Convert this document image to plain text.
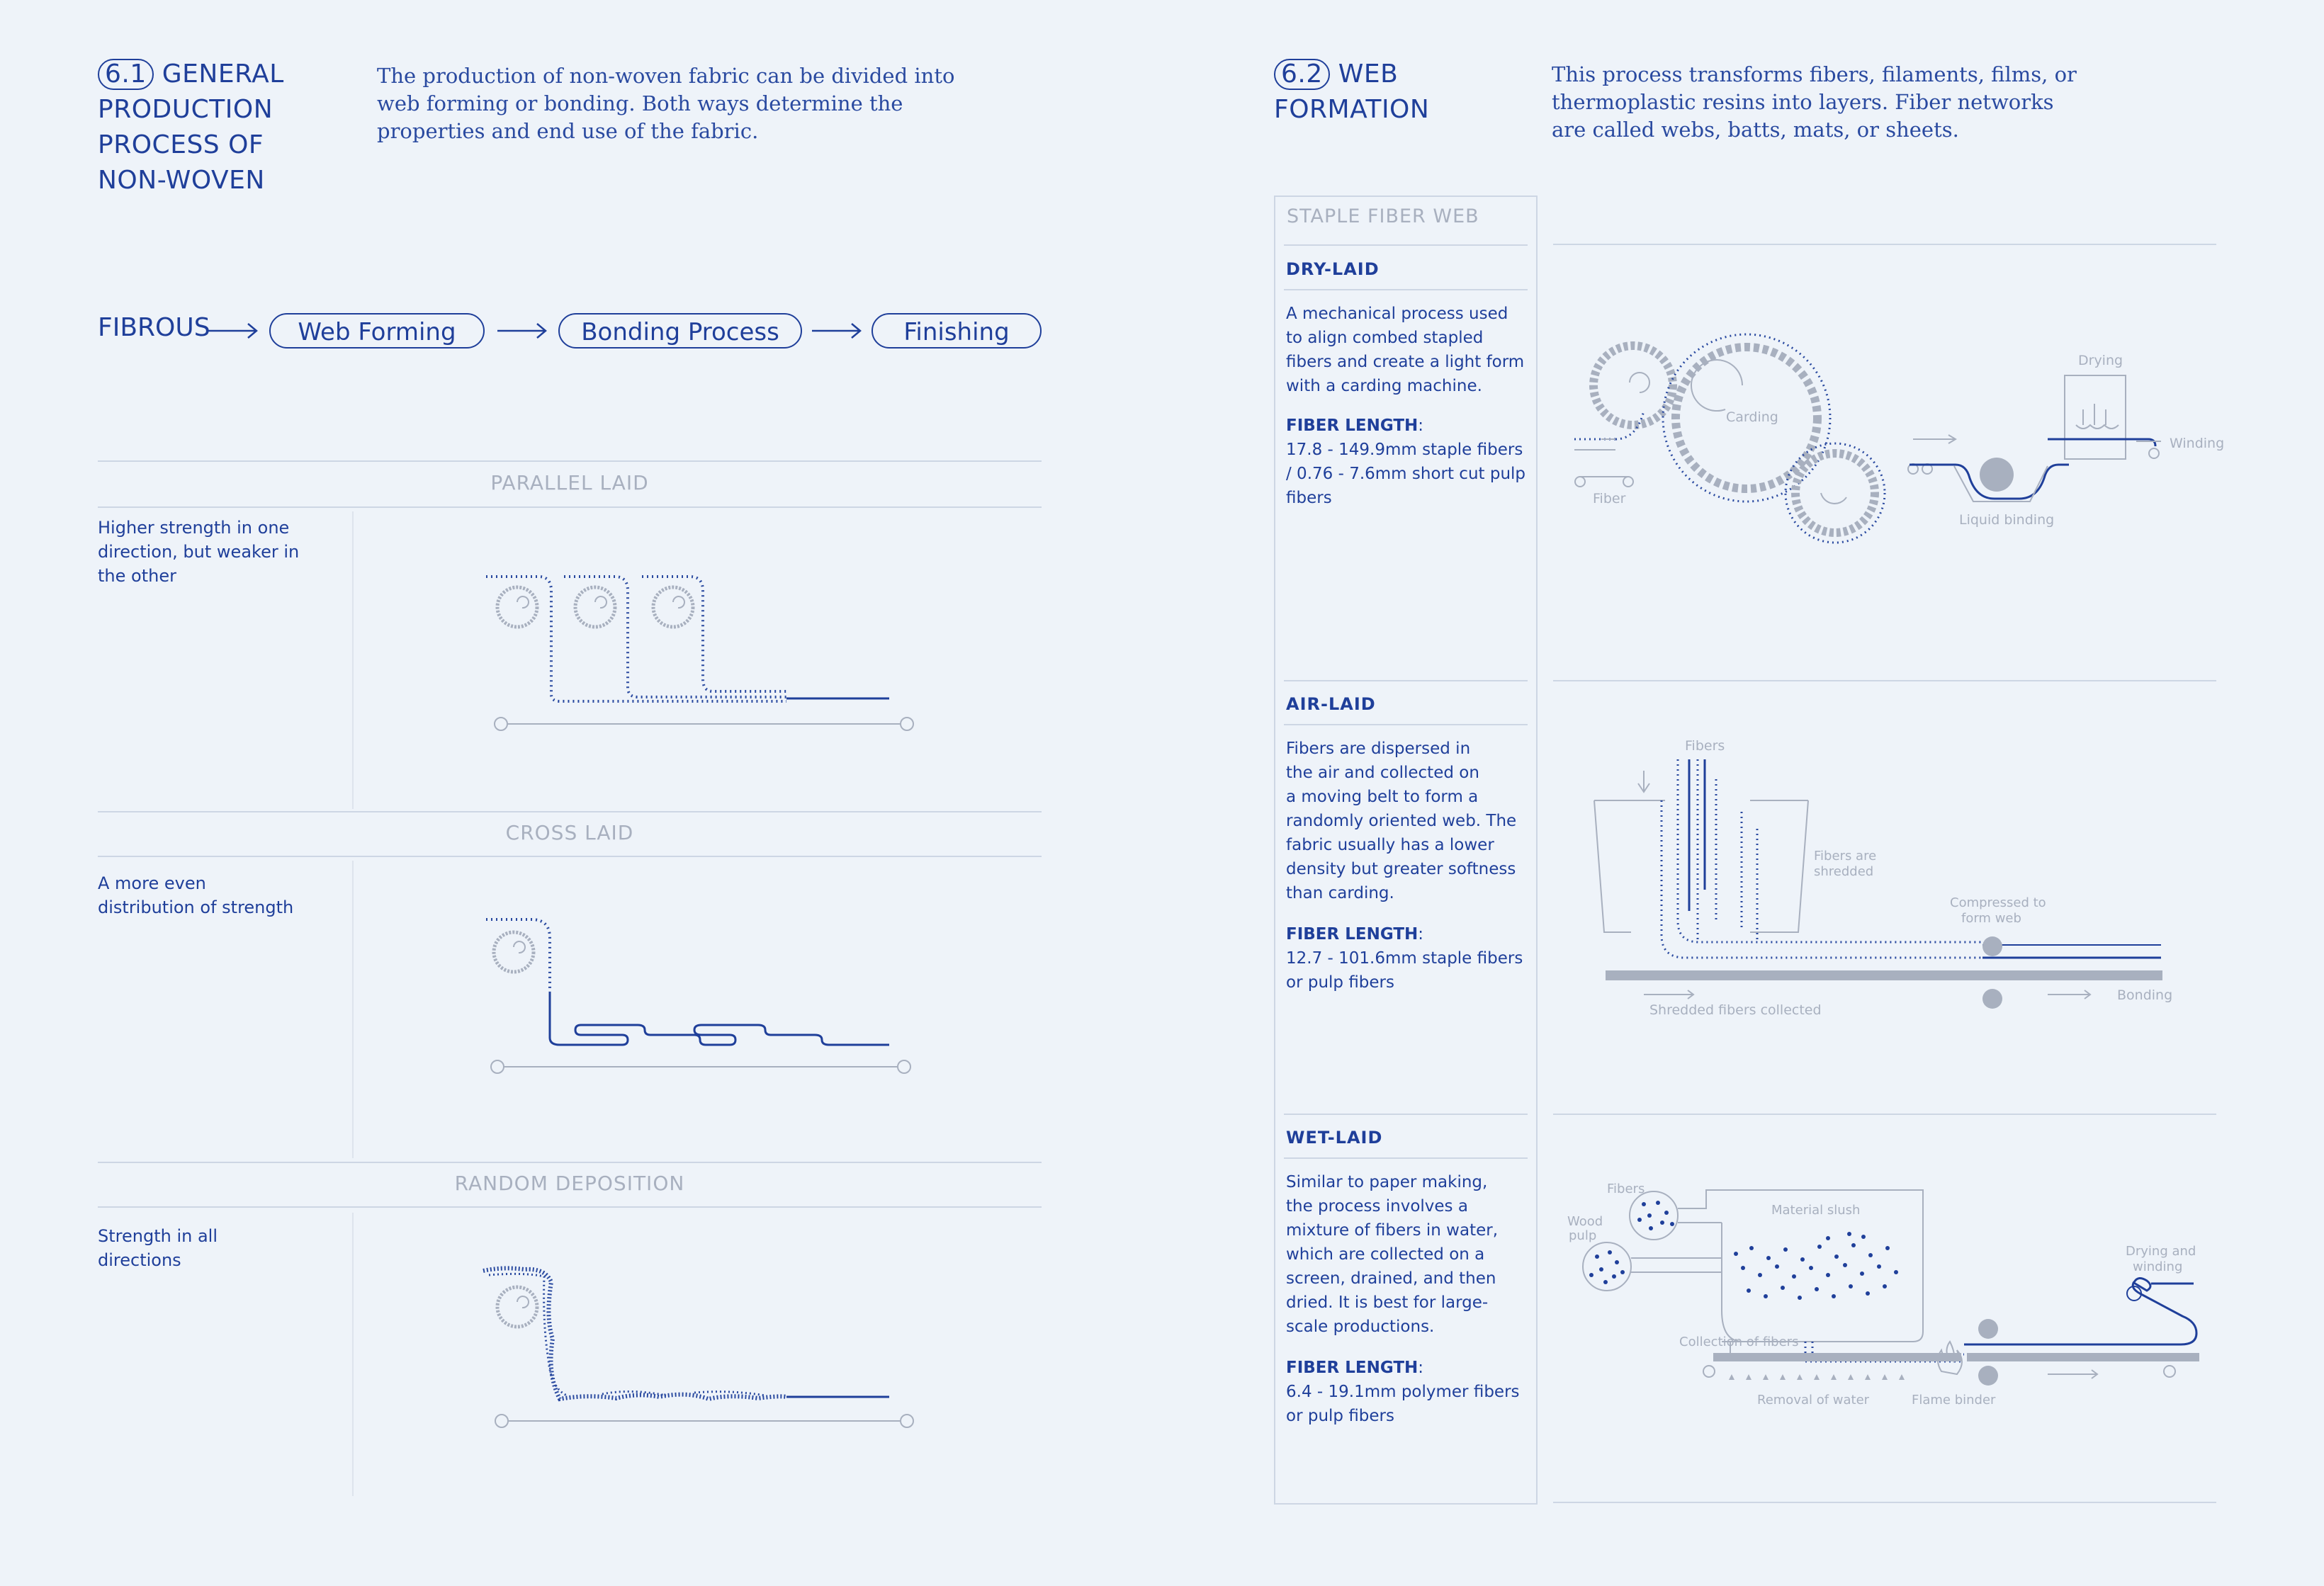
6.1 GENERAL
PRODUCTION
PROCESS OF
NON-WOVEN
The production of non-woven fabric can be divided into web forming or bonding. Both ways determine the properties and end use of the fabric.
FIBROUS	Web Forming	Bonding Process	Finishing
PARALLEL LAID
Higher strength in one direction, but weaker in the other
CROSS LAID
A more even distribution of strength
RANDOM DEPOSITION
Strength in all directions
6.2 WEB
FORMATION
This process transforms fibers, filaments, films, or thermoplastic resins into layers. Fiber networks are called webs, batts, mats, or sheets.
STAPLE FIBER WEB
DRY-LAID
A mechanical process used
to align combed stapled
fibers and create a light form
with a carding machine.
FIBER LENGTH:
17.8 - 149.9mm staple fibers
/ 0.76 - 7.6mm short cut pulp
fibers
AIR-LAID
Fibers are dispersed in
the air and collected on
a moving belt to form a
randomly oriented web. The
fabric usually has a lower
density but greater softness
than carding.
FIBER LENGTH:
12.7 - 101.6mm staple fibers
or pulp fibers
WET-LAID
Similar to paper making,
the process involves a
mixture of fibers in water,
which are collected on a
screen, drained, and then
dried. It is best for large-
scale productions.
FIBER LENGTH:
6.4 - 19.1mm polymer fibers
or pulp fibers
Fiber
Carding
Liquid binding
Drying
Winding
Fibers
Fibers are shredded
Compressed to form web
Shredded fibers collected
Bonding
Fibers
Wood pulp
Material slush
Collection of fibers
Removal of water	Flame binder
Drying and winding
